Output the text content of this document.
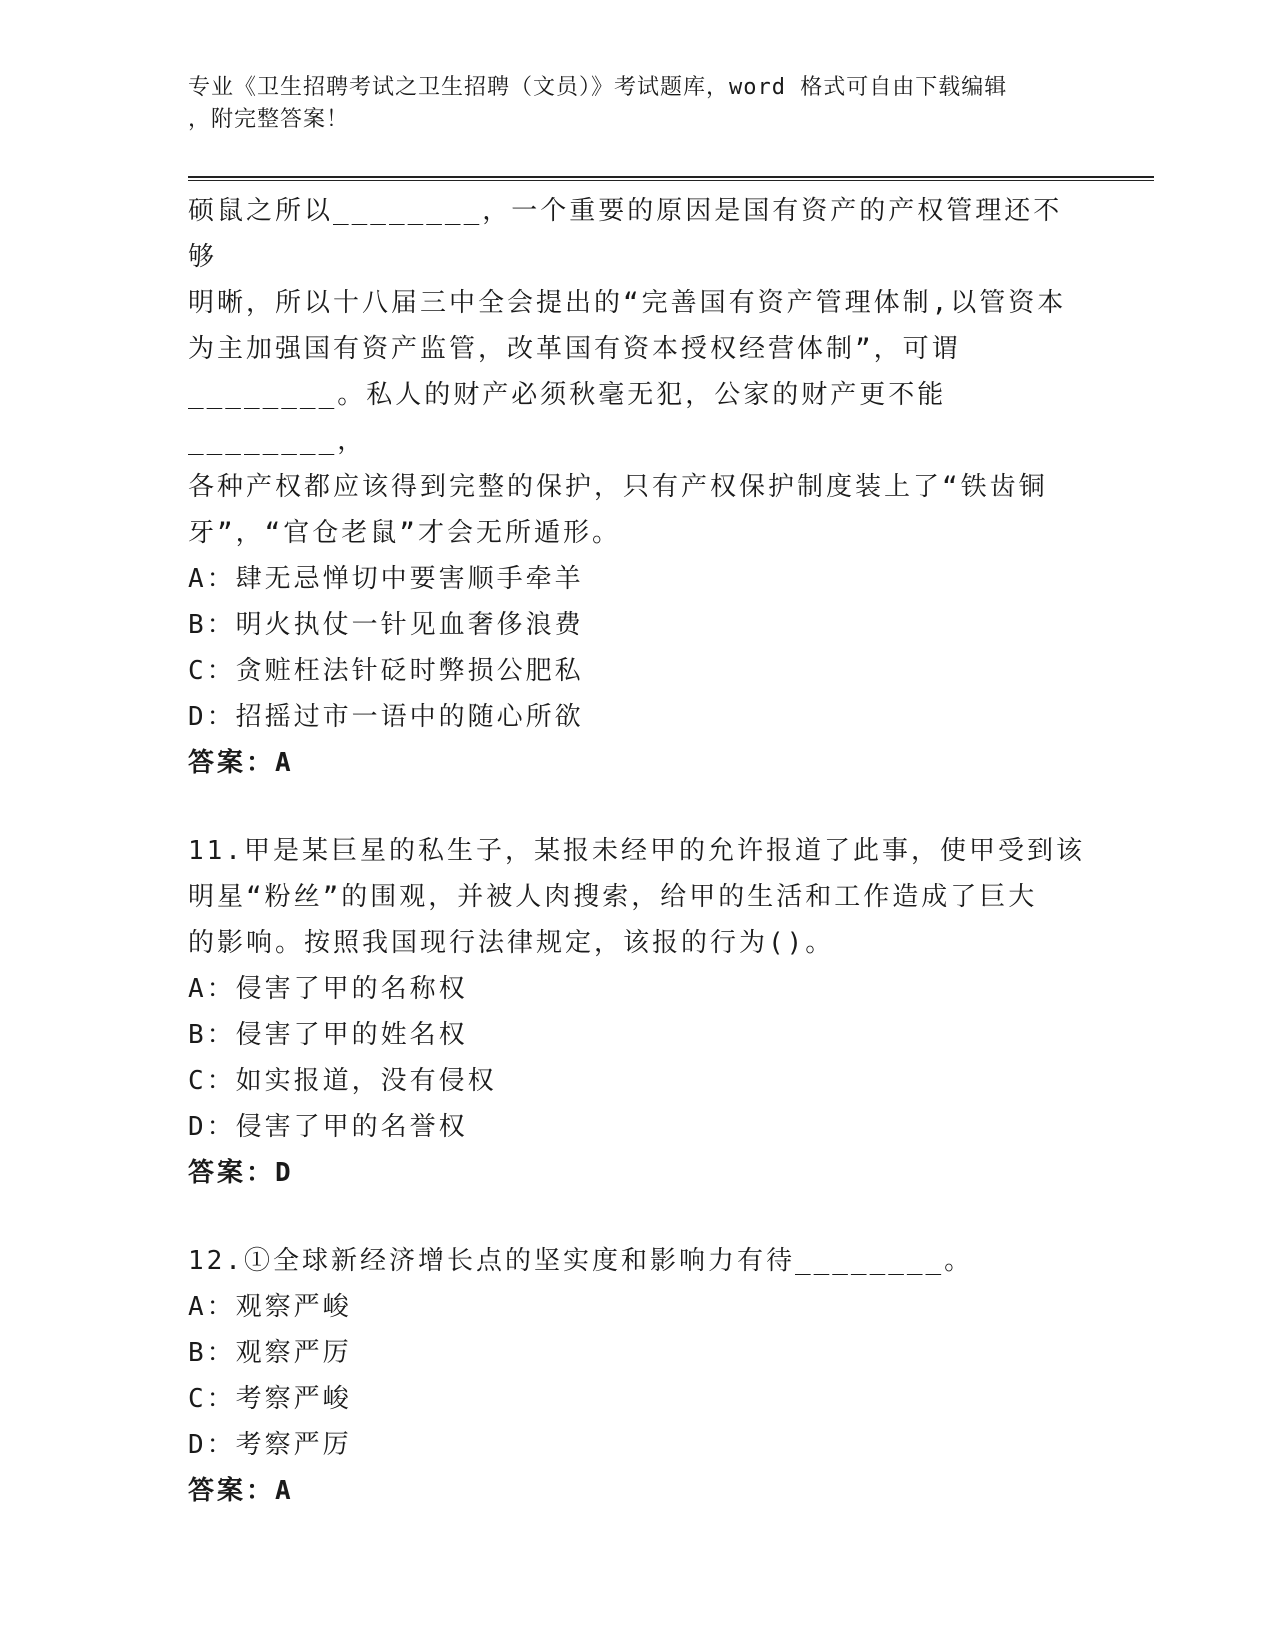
专业《卫生招聘考试之卫生招聘（文员）》考试题库，word 格式可自由下载编辑
，附完整答案！

硕鼠之所以________，一个重要的原因是国有资产的产权管理还不够

明晰，所以十八届三中全会提出的“完善国有资产管理体制,以管资本

为主加强国有资产监管，改革国有资本授权经营体制”，可谓

________。私人的财产必须秋毫无犯，公家的财产更不能________，

各种产权都应该得到完整的保护，只有产权保护制度装上了“铁齿铜

牙”，“官仓老鼠”才会无所遁形。

A：肆无忌惮切中要害顺手牵羊

B：明火执仗一针见血奢侈浪费

C：贪赃枉法针砭时弊损公肥私

D：招摇过市一语中的随心所欲

答案：A

11.甲是某巨星的私生子，某报未经甲的允许报道了此事，使甲受到该

明星“粉丝”的围观，并被人肉搜索，给甲的生活和工作造成了巨大

的影响。按照我国现行法律规定，该报的行为()。

A：侵害了甲的名称权

B：侵害了甲的姓名权

C：如实报道，没有侵权

D：侵害了甲的名誉权

答案：D

12.①全球新经济增长点的坚实度和影响力有待________。

A：观察严峻

B：观察严厉

C：考察严峻

D：考察严厉

答案：A
